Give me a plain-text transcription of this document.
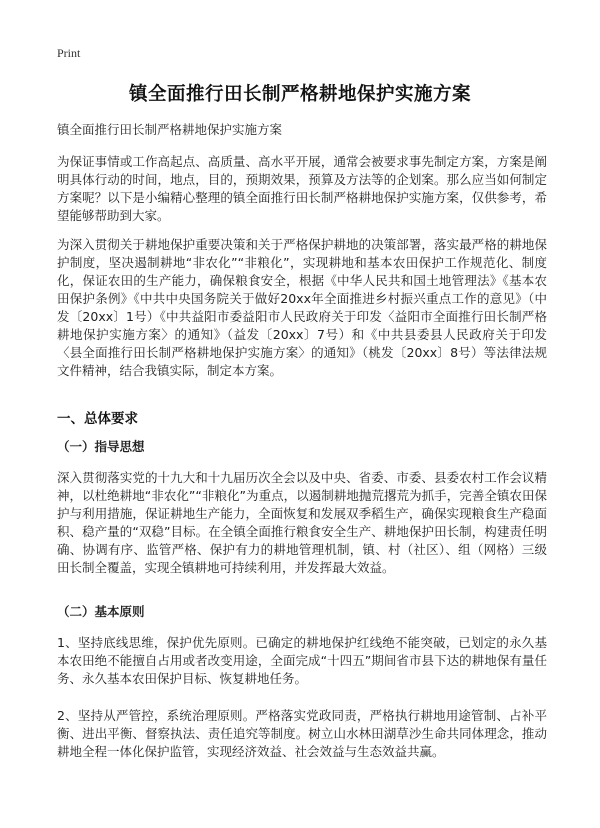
Print
镇全面推行田长制严格耕地保护实施方案
镇全面推行田长制严格耕地保护实施方案

为保证事情或工作高起点、高质量、高水平开展，通常会被要求事先制定方案，方案是阐明具体行动的时间，地点，目的，预期效果，预算及方法等的企划案。那么应当如何制定方案呢？以下是小编精心整理的镇全面推行田长制严格耕地保护实施方案，仅供参考，希望能够帮助到大家。

为深入贯彻关于耕地保护重要决策和关于严格保护耕地的决策部署，落实最严格的耕地保护制度，坚决遏制耕地“非农化”“非粮化”，实现耕地和基本农田保护工作规范化、制度化，保证农田的生产能力，确保粮食安全，根据《中华人民共和国土地管理法》《基本农田保护条例》《中共中央国务院关于做好20xx年全面推进乡村振兴重点工作的意见》（中发〔20xx〕1号）《中共益阳市委益阳市人民政府关于印发〈益阳市全面推行田长制严格耕地保护实施方案〉的通知》（益发〔20xx〕7号）和《中共县委县人民政府关于印发〈县全面推行田长制严格耕地保护实施方案〉的通知》（桃发〔20xx〕8号）等法律法规文件精神，结合我镇实际，制定本方案。

一、总体要求
（一）指导思想

深入贯彻落实党的十九大和十九届历次全会以及中央、省委、市委、县委农村工作会议精神，以杜绝耕地“非农化”“非粮化”为重点，以遏制耕地抛荒撂荒为抓手，完善全镇农田保护与利用措施，保证耕地生产能力，全面恢复和发展双季稻生产，确保实现粮食生产稳面积、稳产量的“双稳”目标。在全镇全面推行粮食安全生产、耕地保护田长制，构建责任明确、协调有序、监管严格、保护有力的耕地管理机制，镇、村（社区）、组（网格）三级田长制全覆盖，实现全镇耕地可持续利用，并发挥最大效益。

（二）基本原则

1、坚持底线思维，保护优先原则。已确定的耕地保护红线绝不能突破，已划定的永久基本农田绝不能擅自占用或者改变用途，全面完成“十四五”期间省市县下达的耕地保有量任务、永久基本农田保护目标、恢复耕地任务。

2、坚持从严管控，系统治理原则。严格落实党政同责，严格执行耕地用途管制、占补平衡、进出平衡、督察执法、责任追究等制度。树立山水林田湖草沙生命共同体理念，推动耕地全程一体化保护监管，实现经济效益、社会效益与生态效益共赢。
